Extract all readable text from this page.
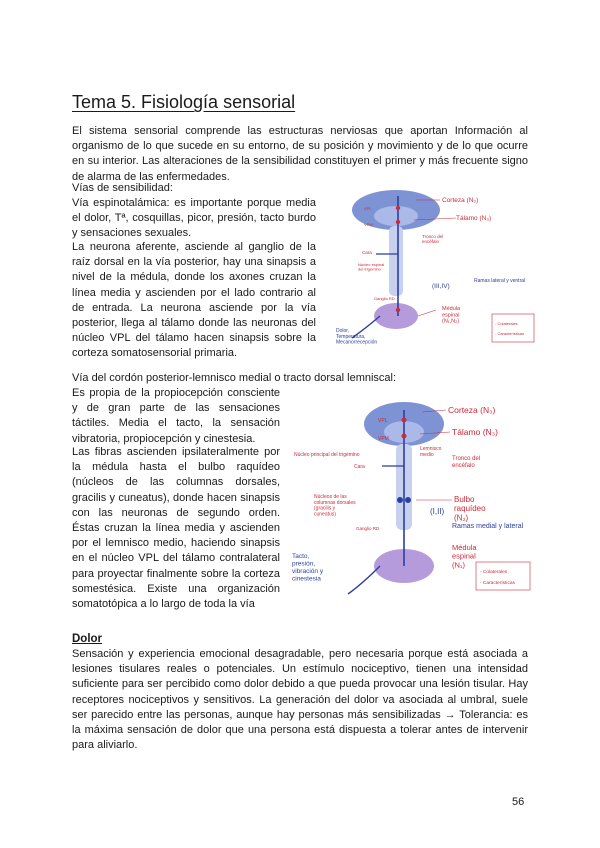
Tema 5. Fisiología sensorial

El sistema sensorial comprende las estructuras nerviosas que aportan Información al organismo de lo que sucede en su entorno, de su posición y movimiento y de lo que ocurre en su interior. Las alteraciones de la sensibilidad constituyen el primer y más frecuente signo de alarma de las enfermedades.

Vías de sensibilidad:

Vía espinotalámica: es importante porque media el dolor, Tª, cosquillas, picor, presión, tacto burdo y sensaciones sexuales.

La neurona aferente, asciende al ganglio de la raíz dorsal en la vía posterior, hay una sinapsis a nivel de la médula, donde los axones cruzan la línea media y ascienden por el lado contrario al de entrada. La neurona asciende por la vía posterior, llega al tálamo donde las neuronas del núcleo VPL del tálamo hacen sinapsis sobre la corteza somatosensorial primaria.

Corteza (N₃)
Tálamo (N₃)
VPL
VPM
Cara
Tronco del encéfalo
Núcleo espinal del trigémino
(III,IV)
Ramas lateral y ventral
Ganglio RD
Médula espinal (N₁,N₂)
Dolor, Temperatura, Mecanorrecepción
- Colaterales
- Características

Vía del cordón posterior-lemnisco medial o tracto dorsal lemniscal:

Es propia de la propiocepción consciente y de gran parte de las sensaciones táctiles. Media el tacto, la sensación vibratoria, propiocepción y cinestesia.

Las fibras ascienden ipsilateralmente por la médula hasta el bulbo raquídeo (núcleos de las columnas dorsales, gracilis y cuneatus), donde hacen sinapsis con las neuronas de segundo orden. Éstas cruzan la línea media y ascienden por el lemnisco medio, haciendo sinapsis en el núcleo VPL del tálamo contralateral para proyectar finalmente sobre la corteza somestésica. Existe una organización somatotópica a lo largo de toda la vía

Corteza (N₃)
Tálamo (N₃)
VPL
VPM
Núcleo principal del trigémino
Cara
Lemnisco medio
Tronco del encéfalo
Núcleos de las columnas dorsales (gracilis y cuneatus)
Bulbo raquídeo (N₂)
Ganglio RD
(I,II)
Ramas medial y lateral
Médula espinal (N₁)
Tacto, presión, vibración y cinestesia
- Colaterales
- Características

Dolor

Sensación y experiencia emocional desagradable, pero necesaria porque está asociada a lesiones tisulares reales o potenciales. Un estímulo nociceptivo, tienen una intensidad suficiente para ser percibido como dolor debido a que pueda provocar una lesión tisular. Hay receptores nociceptivos y sensitivos. La generación del dolor va asociada al umbral, suele ser parecido entre las personas, aunque hay personas más sensibilizadas → Tolerancia: es la máxima sensación de dolor que una persona está dispuesta a tolerar antes de intervenir para aliviarlo.

56
